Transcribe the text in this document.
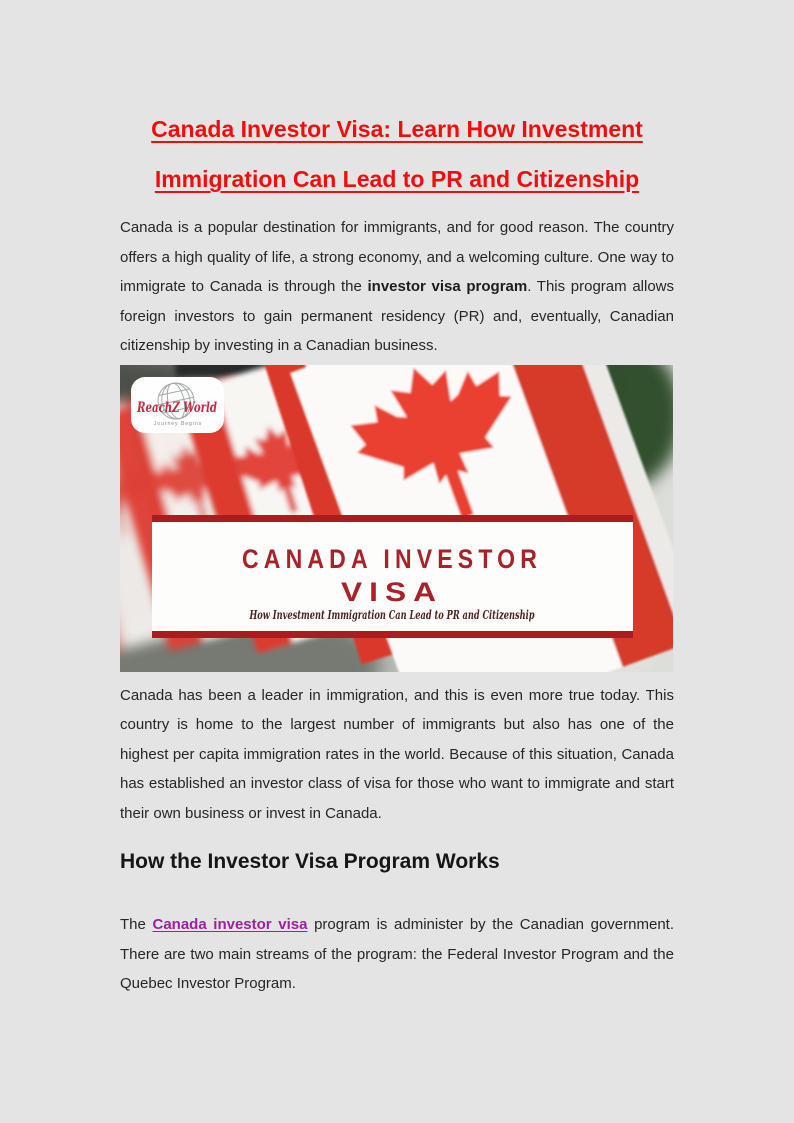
Canada Investor Visa: Learn How Investment
Immigration Can Lead to PR and Citizenship

Canada is a popular destination for immigrants, and for good reason. The country offers a high quality of life, a strong economy, and a welcoming culture. One way to immigrate to Canada is through the investor visa program. This program allows foreign investors to gain permanent residency (PR) and, eventually, Canadian citizenship by investing in a Canadian business.

CANADA INVESTOR
VISA
How Investment Immigration Can Lead to PR and Citizenship
ReachZ World
Journey Begins

Canada has been a leader in immigration, and this is even more true today. This country is home to the largest number of immigrants but also has one of the highest per capita immigration rates in the world. Because of this situation, Canada has established an investor class of visa for those who want to immigrate and start their own business or invest in Canada.

How the Investor Visa Program Works

The Canada investor visa program is administer by the Canadian government. There are two main streams of the program: the Federal Investor Program and the Quebec Investor Program.
